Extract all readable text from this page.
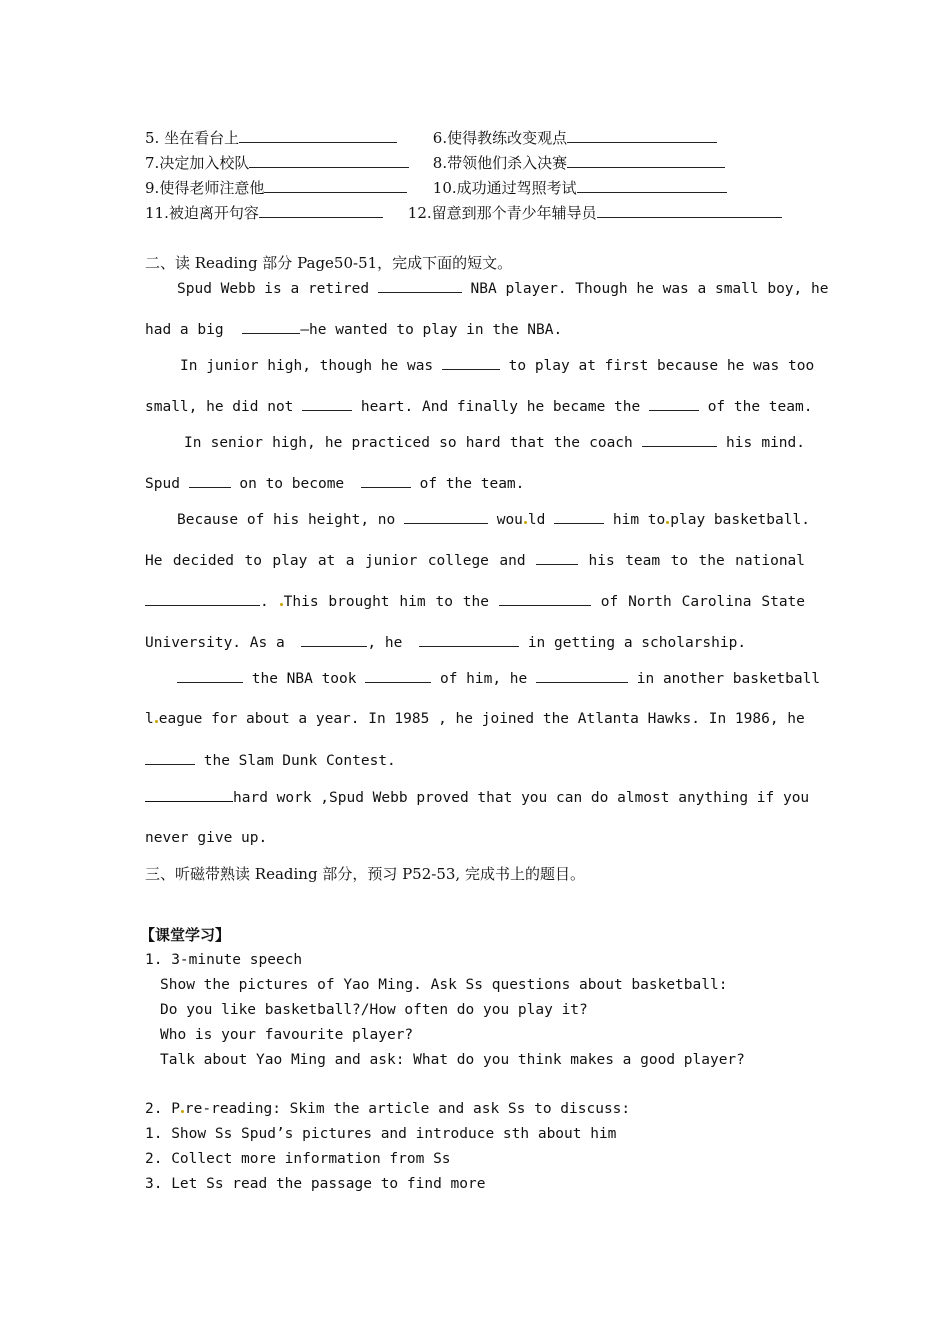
5. 坐在看台上	6.使得教练改变观点
7.决定加入校队	8.带领他们杀入决赛
9.使得老师注意他	10.成功通过驾照考试
11.被迫离开句容	12.留意到那个青少年辅导员
二、读 Reading 部分 Page50-51，完成下面的短文。
Spud Webb is a retired	NBA player. Though he was a small boy, he
had a big	—he wanted to play in the NBA.
In junior high, though he was	to play at first because he was too
small, he did not	heart. And finally he became the	of the team.
In senior high, he practiced so hard that the coach	his mind.
Spud	on to become	of the team.
Because of his height, no	wou ld	him to play basketball.
He decided to play at a junior college and	his team to the national
. This brought him to the	of North Carolina State
University. As a	, he	in getting a scholarship.
the NBA took	of him, he	in another basketball
l eague for about a year. In 1985 , he joined the Atlanta Hawks. In 1986, he
the Slam Dunk Contest.
hard work ,Spud Webb proved that you can do almost anything if you
never give up.
三、听磁带熟读 Reading 部分，预习 P52-53, 完成书上的题目。
【课堂学习】
1. 3-minute speech
Show the pictures of Yao Ming. Ask Ss questions about basketball:
Do you like basketball?/How often do you play it?
Who is your favourite player?
Talk about Yao Ming and ask: What do you think makes a good player?
2. P re-reading: Skim the article and ask Ss to discuss:
1. Show Ss Spud’s pictures and introduce sth about him
2. Collect more information from Ss
3. Let Ss read the passage to find more
